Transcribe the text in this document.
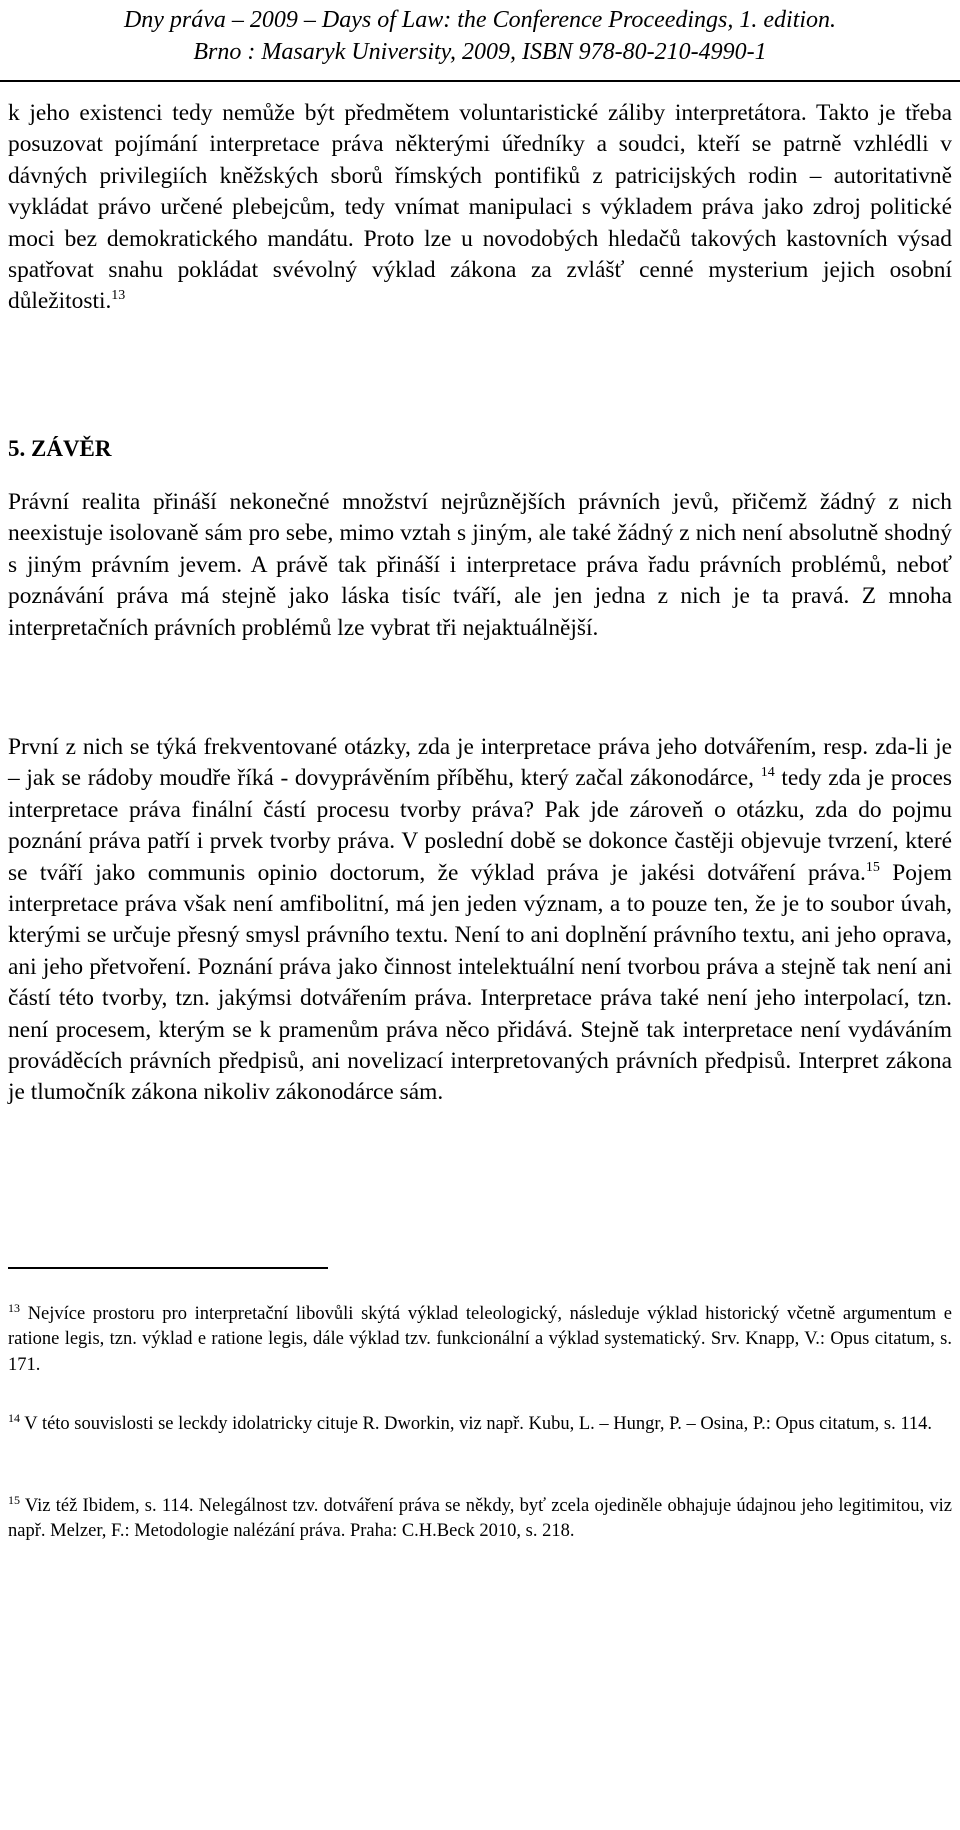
Dny práva – 2009 – Days of Law: the Conference Proceedings, 1. edition.
Brno : Masaryk University, 2009, ISBN 978-80-210-4990-1

k jeho existenci tedy nemůže být předmětem voluntaristické záliby interpretátora. Takto je třeba posuzovat pojímání interpretace práva některými úředníky a soudci, kteří se patrně vzhlédli v dávných privilegiích kněžských sborů římských pontifiků z patricijských rodin – autoritativně vykládat právo určené plebejcům, tedy vnímat manipulaci s výkladem práva jako zdroj politické moci bez demokratického mandátu. Proto lze u novodobých hledačů takových kastovních výsad spatřovat snahu pokládat svévolný výklad zákona za zvlášť cenné mysterium jejich osobní důležitosti.$^{13}$

5. ZÁVĚR

Právní realita přináší nekonečné množství nejrůznějších právních jevů, přičemž žádný z nich neexistuje isolovaně sám pro sebe, mimo vztah s jiným, ale také žádný z nich není absolutně shodný s jiným právním jevem. A právě tak přináší i interpretace práva řadu právních problémů, neboť poznávání práva má stejně jako láska tisíc tváří, ale jen jedna z nich je ta pravá. Z mnoha interpretačních právních problémů lze vybrat tři nejaktuálnější.

První z nich se týká frekventované otázky, zda je interpretace práva jeho dotvářením, resp. zda-li je – jak se rádoby moudře říká - dovyprávěním příběhu, který začal zákonodárce, $^{14}$ tedy zda je proces interpretace práva finální částí procesu tvorby práva? Pak jde zároveň o otázku, zda do pojmu poznání práva patří i prvek tvorby práva. V poslední době se dokonce častěji objevuje tvrzení, které se tváří jako communis opinio doctorum, že výklad práva je jakési dotváření práva.$^{15}$ Pojem interpretace práva však není amfibolitní, má jen jeden význam, a to pouze ten, že je to soubor úvah, kterými se určuje přesný smysl právního textu. Není to ani doplnění právního textu, ani jeho oprava, ani jeho přetvoření. Poznání práva jako činnost intelektuální není tvorbou práva a stejně tak není ani částí této tvorby, tzn. jakýmsi dotvářením práva. Interpretace práva také není jeho interpolací, tzn. není procesem, kterým se k pramenům práva něco přidává. Stejně tak interpretace není vydáváním prováděcích právních předpisů, ani novelizací interpretovaných právních předpisů. Interpret zákona je tlumočník zákona nikoliv zákonodárce sám.

$^{13}$ Nejvíce prostoru pro interpretační libovůli skýtá výklad teleologický, následuje výklad historický včetně argumentum e ratione legis, tzn. výklad e ratione legis, dále výklad tzv. funkcionální a výklad systematický. Srv. Knapp, V.: Opus citatum, s. 171.

$^{14}$ V této souvislosti se leckdy idolatricky cituje R. Dworkin, viz např. Kubu, L. – Hungr, P. – Osina, P.: Opus citatum, s. 114.

$^{15}$ Viz též Ibidem, s. 114. Nelegálnost tzv. dotváření práva se někdy, byť zcela ojediněle obhajuje údajnou jeho legitimitou, viz např. Melzer, F.: Metodologie nalézání práva. Praha: C.H.Beck 2010, s. 218.
